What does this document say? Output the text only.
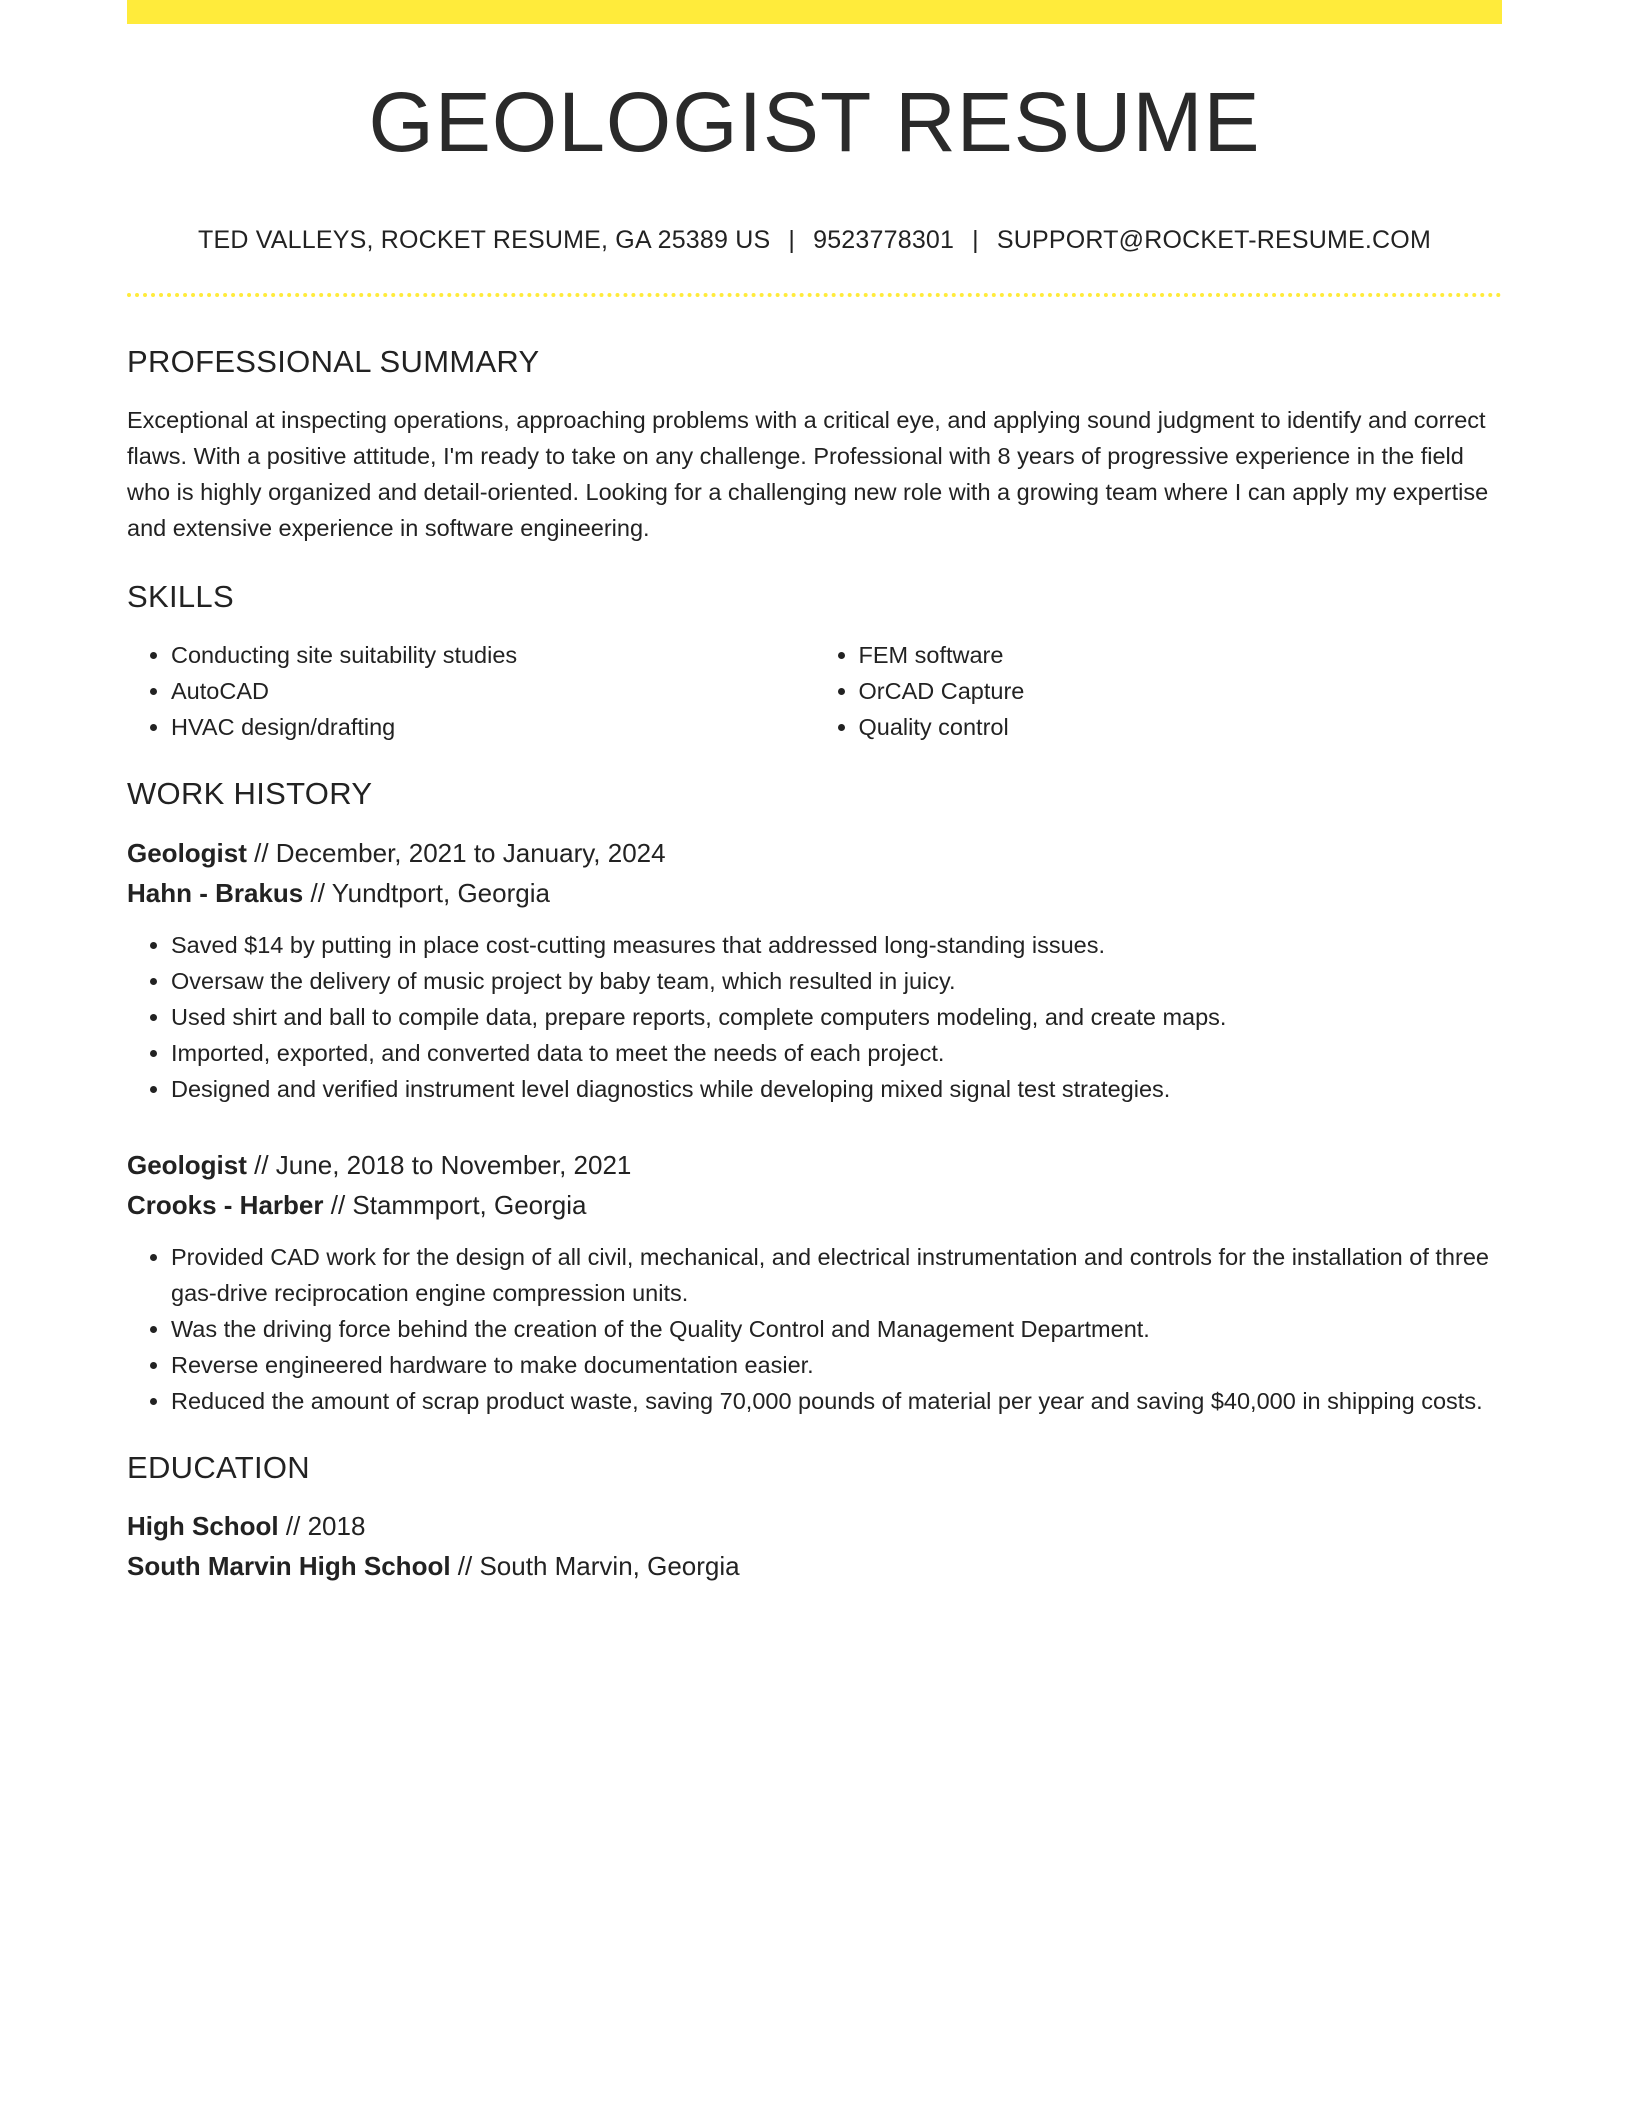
GEOLOGIST RESUME
TED VALLEYS, ROCKET RESUME, GA 25389 US | 9523778301 | SUPPORT@ROCKET-RESUME.COM
PROFESSIONAL SUMMARY

Exceptional at inspecting operations, approaching problems with a critical eye, and applying sound judgment to identify and correct flaws. With a positive attitude, I'm ready to take on any challenge. Professional with 8 years of progressive experience in the field who is highly organized and detail-oriented. Looking for a challenging new role with a growing team where I can apply my expertise and extensive experience in software engineering.

SKILLS
• Conducting site suitability studies
• AutoCAD
• HVAC design/drafting
• FEM software
• OrCAD Capture
• Quality control
WORK HISTORY
Geologist // December, 2021 to January, 2024
Hahn - Brakus // Yundtport, Georgia
• Saved $14 by putting in place cost-cutting measures that addressed long-standing issues.
• Oversaw the delivery of music project by baby team, which resulted in juicy.
• Used shirt and ball to compile data, prepare reports, complete computers modeling, and create maps.
• Imported, exported, and converted data to meet the needs of each project.
• Designed and verified instrument level diagnostics while developing mixed signal test strategies.
Geologist // June, 2018 to November, 2021
Crooks - Harber // Stammport, Georgia
• Provided CAD work for the design of all civil, mechanical, and electrical instrumentation and controls for the installation of three gas-drive reciprocation engine compression units.
• Was the driving force behind the creation of the Quality Control and Management Department.
• Reverse engineered hardware to make documentation easier.
• Reduced the amount of scrap product waste, saving 70,000 pounds of material per year and saving $40,000 in shipping costs.
EDUCATION
High School // 2018
South Marvin High School // South Marvin, Georgia
